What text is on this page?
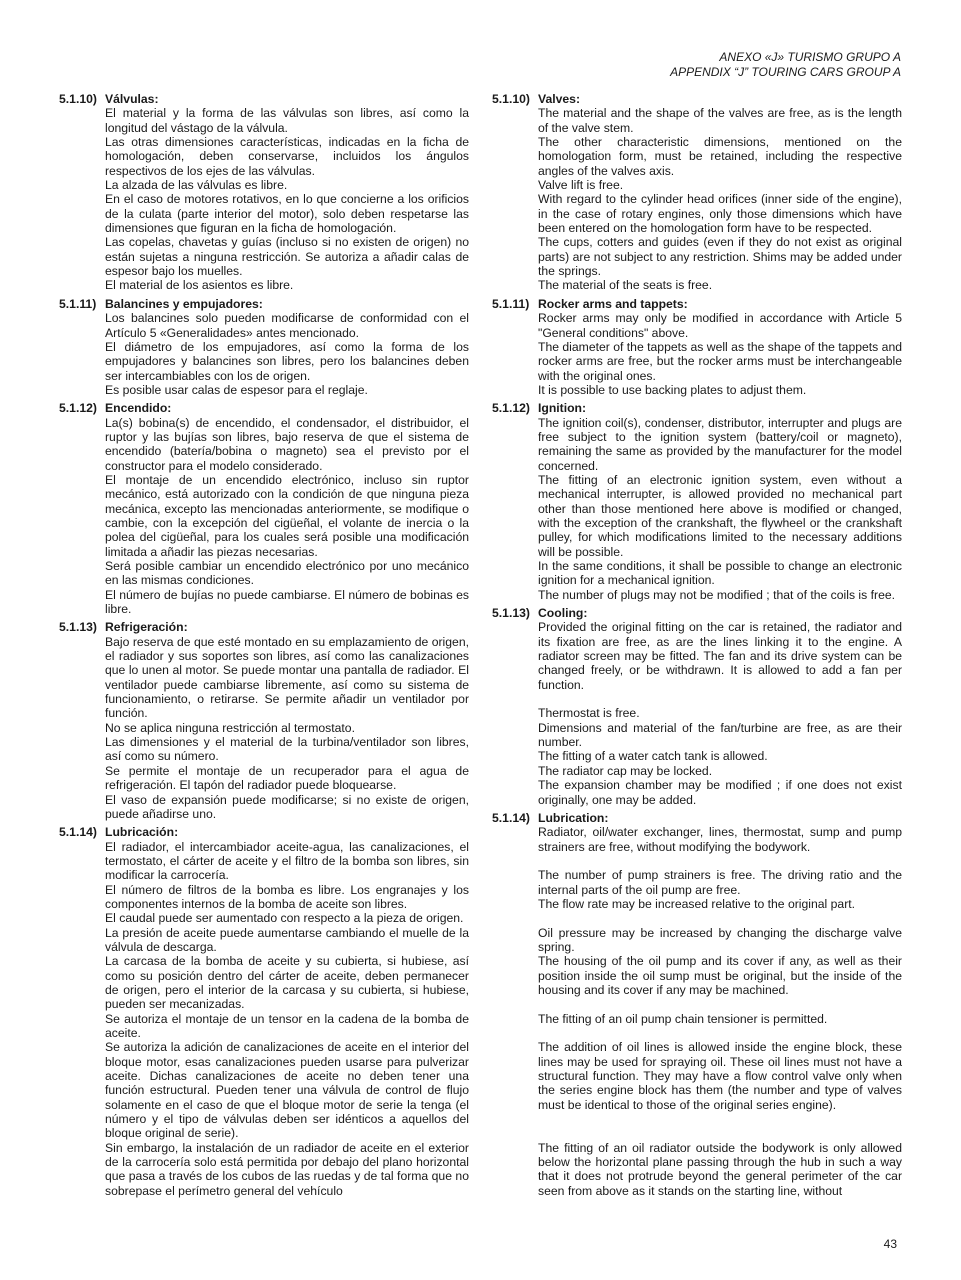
ANEXO «J» TURISMO GRUPO A
APPENDIX “J” TOURING CARS GROUP A
5.1.10) Válvulas:

El material y la forma de las válvulas son libres, así como la longitud del vástago de la válvula.

Las otras dimensiones características, indicadas en la ficha de homologación, deben conservarse, incluidos los ángulos respectivos de los ejes de las válvulas.

La alzada de las válvulas es libre.

En el caso de motores rotativos, en lo que concierne a los orificios de la culata (parte interior del motor), solo deben respetarse las dimensiones que figuran en la ficha de homologación.

Las copelas, chavetas y guías (incluso si no existen de origen) no están sujetas a ninguna restricción. Se autoriza a añadir calas de espesor bajo los muelles.

El material de los asientos es libre.

5.1.11) Balancines y empujadores:

Los balancines solo pueden modificarse de conformidad con el Artículo 5 «Generalidades» antes mencionado.

El diámetro de los empujadores, así como la forma de los empujadores y balancines son libres, pero los balancines deben ser intercambiables con los de origen.

Es posible usar calas de espesor para el reglaje.

5.1.12) Encendido:

La(s) bobina(s) de encendido, el condensador, el distribuidor, el ruptor y las bujías son libres, bajo reserva de que el sistema de encendido (batería/bobina o magneto) sea el previsto por el constructor para el modelo considerado.

El montaje de un encendido electrónico, incluso sin ruptor mecánico, está autorizado con la condición de que ninguna pieza mecánica, excepto las mencionadas anteriormente, se modifique o cambie, con la excepción del cigüeñal, el volante de inercia o la polea del cigüeñal, para los cuales será posible una modificación limitada a añadir las piezas necesarias.

Será posible cambiar un encendido electrónico por uno mecánico en las mismas condiciones.

El número de bujías no puede cambiarse. El número de bobinas es libre.

5.1.13) Refrigeración:

Bajo reserva de que esté montado en su emplazamiento de origen, el radiador y sus soportes son libres, así como las canalizaciones que lo unen al motor. Se puede montar una pantalla de radiador. El ventilador puede cambiarse libremente, así como su sistema de funcionamiento, o retirarse. Se permite añadir un ventilador por función.

No se aplica ninguna restricción al termostato.

Las dimensiones y el material de la turbina/ventilador son libres, así como su número.

Se permite el montaje de un recuperador para el agua de refrigeración. El tapón del radiador puede bloquearse.

El vaso de expansión puede modificarse; si no existe de origen, puede añadirse uno.

5.1.14) Lubricación:

El radiador, el intercambiador aceite-agua, las canalizaciones, el termostato, el cárter de aceite y el filtro de la bomba son libres, sin modificar la carrocería.

El número de filtros de la bomba es libre. Los engranajes y los componentes internos de la bomba de aceite son libres.

El caudal puede ser aumentado con respecto a la pieza de origen.

La presión de aceite puede aumentarse cambiando el muelle de la válvula de descarga.

La carcasa de la bomba de aceite y su cubierta, si hubiese, así como su posición dentro del cárter de aceite, deben permanecer de origen, pero el interior de la carcasa y su cubierta, si hubiese, pueden ser mecanizadas.

Se autoriza el montaje de un tensor en la cadena de la bomba de aceite.

Se autoriza la adición de canalizaciones de aceite en el interior del bloque motor, esas canalizaciones pueden usarse para pulverizar aceite. Dichas canalizaciones de aceite no deben tener una función estructural. Pueden tener una válvula de control de flujo solamente en el caso de que el bloque motor de serie la tenga (el número y el tipo de válvulas deben ser idénticos a aquellos del bloque original de serie).

Sin embargo, la instalación de un radiador de aceite en el exterior de la carrocería solo está permitida por debajo del plano horizontal que pasa a través de los cubos de las ruedas y de tal forma que no sobrepase el perímetro general del vehículo

5.1.10) Valves:

The material and the shape of the valves are free, as is the length of the valve stem.

The other characteristic dimensions, mentioned on the homologation form, must be retained, including the respective angles of the valves axis.

Valve lift is free.

With regard to the cylinder head orifices (inner side of the engine), in the case of rotary engines, only those dimensions which have been entered on the homologation form have to be respected.

The cups, cotters and guides (even if they do not exist as original parts) are not subject to any restriction. Shims may be added under the springs.

The material of the seats is free.

5.1.11) Rocker arms and tappets:

Rocker arms may only be modified in accordance with Article 5 "General conditions" above.

The diameter of the tappets as well as the shape of the tappets and rocker arms are free, but the rocker arms must be interchangeable with the original ones.

It is possible to use backing plates to adjust them.

5.1.12) Ignition:

The ignition coil(s), condenser, distributor, interrupter and plugs are free subject to the ignition system (battery/coil or magneto), remaining the same as provided by the manufacturer for the model concerned.

The fitting of an electronic ignition system, even without a mechanical interrupter, is allowed provided no mechanical part other than those mentioned here above is modified or changed, with the exception of the crankshaft, the flywheel or the crankshaft pulley, for which modifications limited to the necessary additions will be possible.

In the same conditions, it shall be possible to change an electronic ignition for a mechanical ignition.

The number of plugs may not be modified ; that of the coils is free.

5.1.13) Cooling:

Provided the original fitting on the car is retained, the radiator and its fixation are free, as are the lines linking it to the engine. A radiator screen may be fitted. The fan and its drive system can be changed freely, or be withdrawn. It is allowed to add a fan per function.

Thermostat is free.

Dimensions and material of the fan/turbine are free, as are their number.

The fitting of a water catch tank is allowed.

The radiator cap may be locked.

The expansion chamber may be modified ; if one does not exist originally, one may be added.

5.1.14) Lubrication:

Radiator, oil/water exchanger, lines, thermostat, sump and pump strainers are free, without modifying the bodywork.

The number of pump strainers is free. The driving ratio and the internal parts of the oil pump are free.

The flow rate may be increased relative to the original part.

Oil pressure may be increased by changing the discharge valve spring.

The housing of the oil pump and its cover if any, as well as their position inside the oil sump must be original, but the inside of the housing and its cover if any may be machined.

The fitting of an oil pump chain tensioner is permitted.

The addition of oil lines is allowed inside the engine block, these lines may be used for spraying oil. These oil lines must not have a structural function. They may have a flow control valve only when the series engine block has them (the number and type of valves must be identical to those of the original series engine).

The fitting of an oil radiator outside the bodywork is only allowed below the horizontal plane passing through the hub in such a way that it does not protrude beyond the general perimeter of the car seen from above as it stands on the starting line, without

43
